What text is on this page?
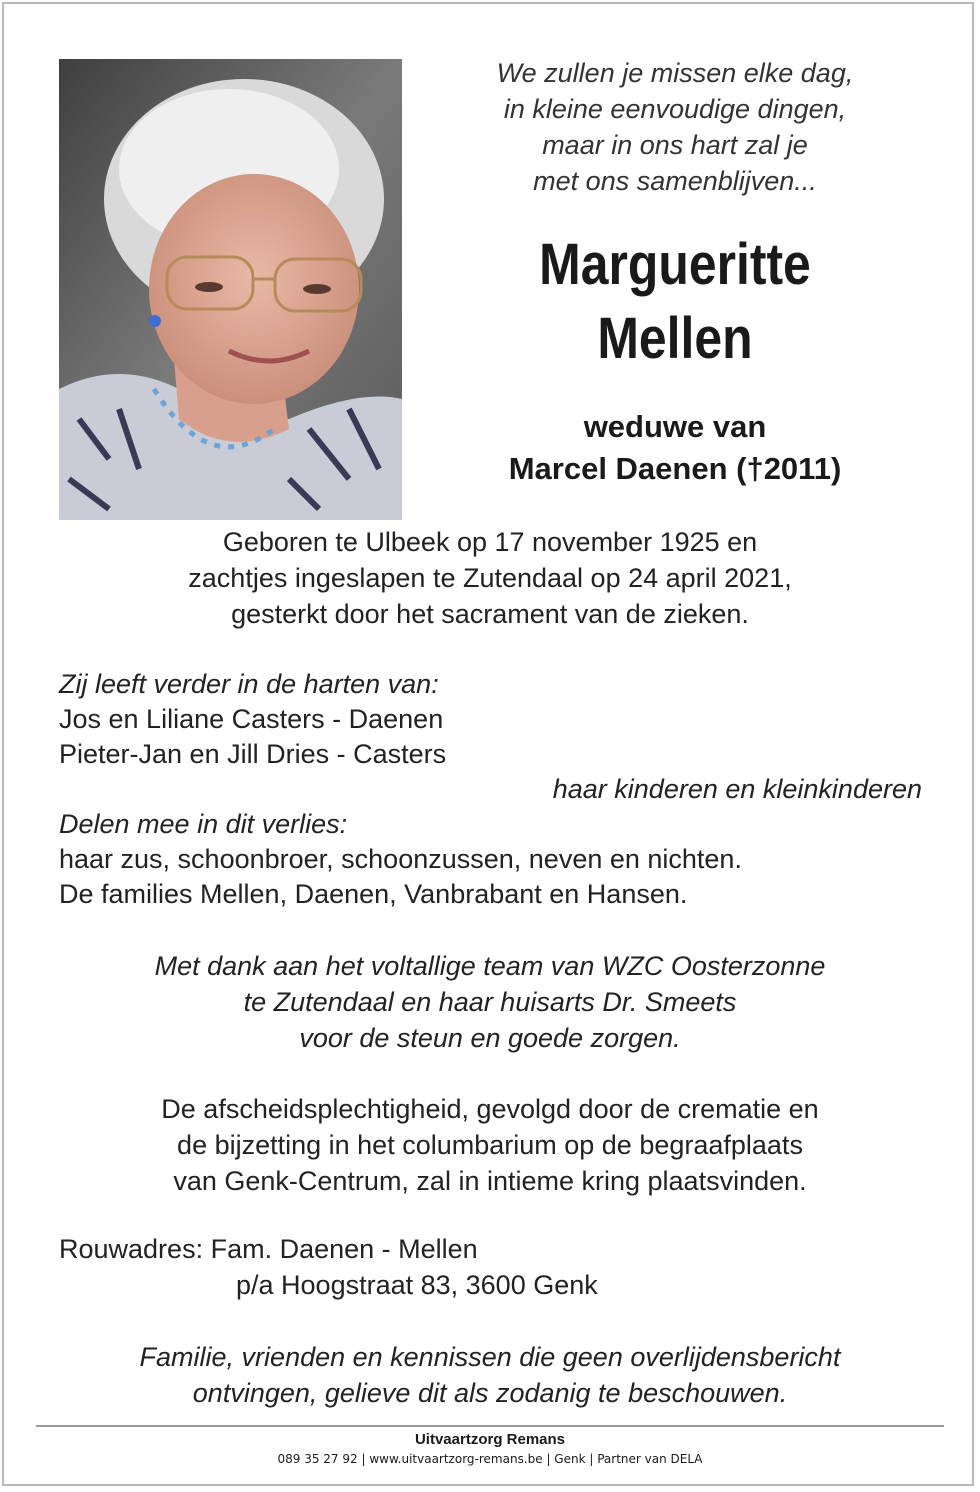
We zullen je missen elke dag,
in kleine eenvoudige dingen,
maar in ons hart zal je
met ons samenblijven...
Margueritte
Mellen
weduwe van
Marcel Daenen (†2011)
Geboren te Ulbeek op 17 november 1925 en
zachtjes ingeslapen te Zutendaal op 24 april 2021,
gesterkt door het sacrament van de zieken.
Zij leeft verder in de harten van:
Jos en Liliane Casters - Daenen
Pieter-Jan en Jill Dries - Casters
haar kinderen en kleinkinderen
Delen mee in dit verlies:
haar zus, schoonbroer, schoonzussen, neven en nichten.
De families Mellen, Daenen, Vanbrabant en Hansen.
Met dank aan het voltallige team van WZC Oosterzonne
te Zutendaal en haar huisarts Dr. Smeets
voor de steun en goede zorgen.
De afscheidsplechtigheid, gevolgd door de crematie en
de bijzetting in het columbarium op de begraafplaats
van Genk-Centrum, zal in intieme kring plaatsvinden.
Rouwadres: Fam. Daenen - Mellen
p/a Hoogstraat 83, 3600 Genk
Familie, vrienden en kennissen die geen overlijdensbericht
ontvingen, gelieve dit als zodanig te beschouwen.
Uitvaartzorg Remans
089 35 27 92 | www.uitvaartzorg-remans.be | Genk | Partner van DELA
